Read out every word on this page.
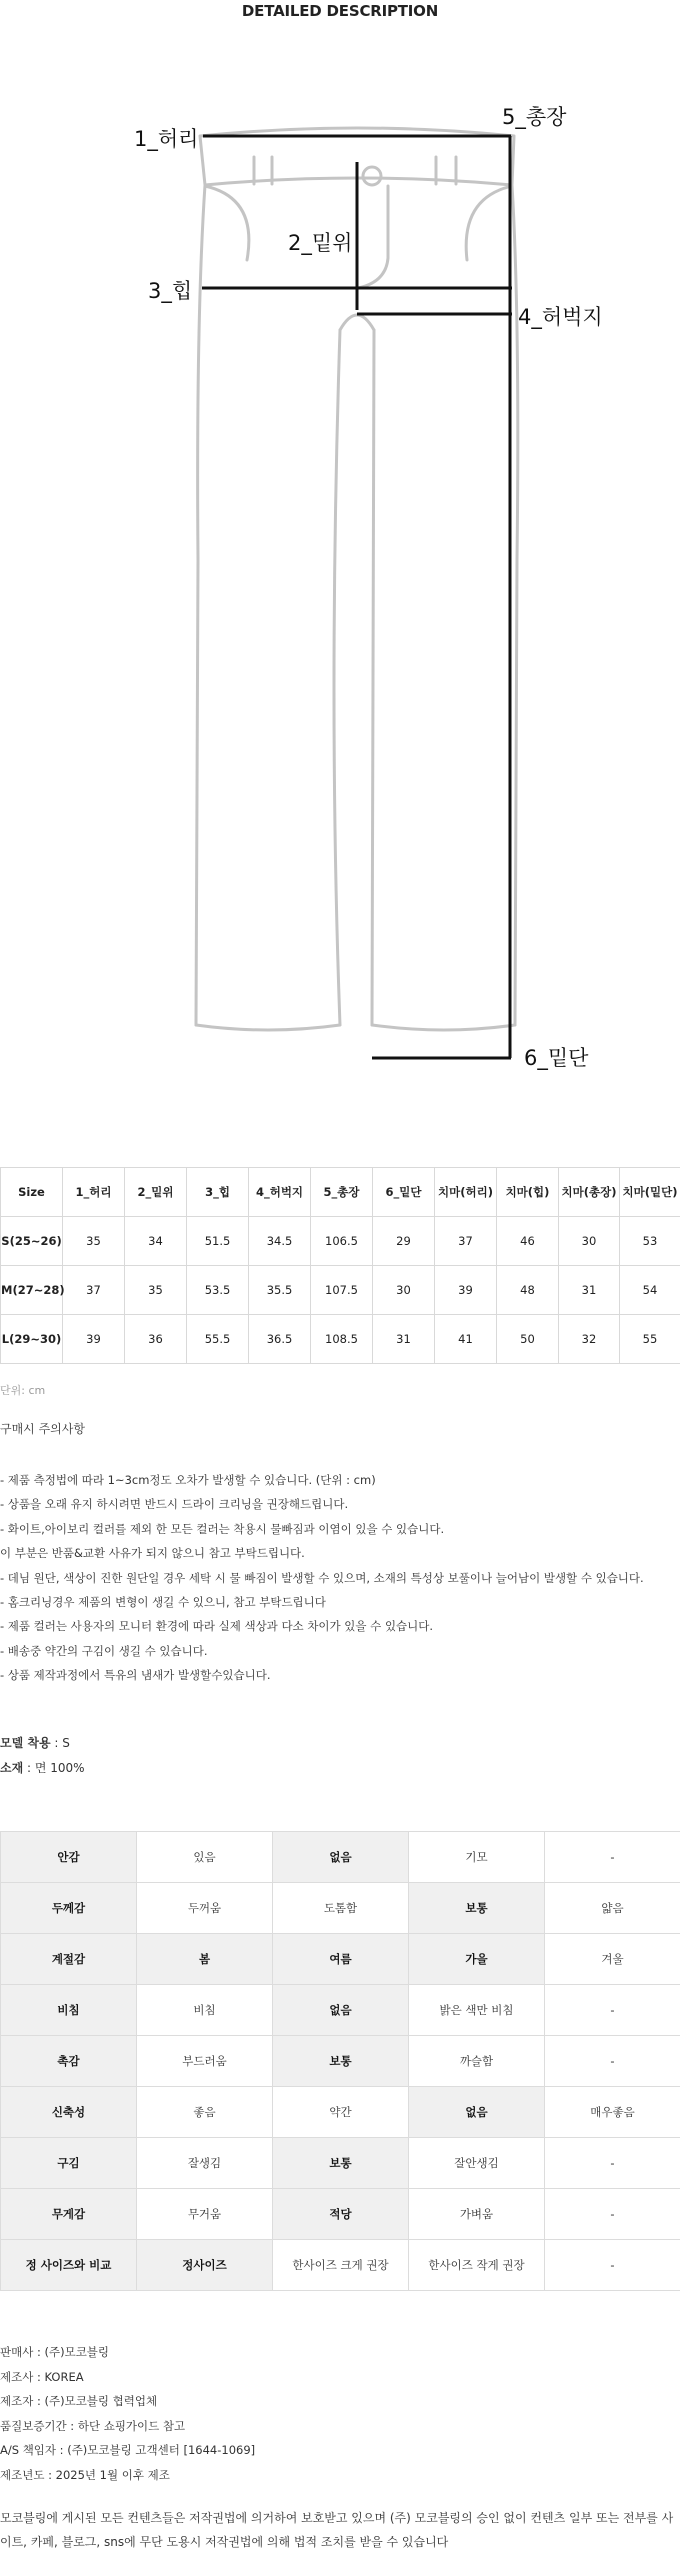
DETAILED DESCRIPTION
1_허리
2_밑위
3_힙
4_허벅지
5_총장
6_밑단
Size	1_허리	2_밑위	3_힙	4_허벅지	5_총장	6_밑단	치마(허리)	치마(힙)	치마(총장)	치마(밑단)
S(25~26)	35	34	51.5	34.5	106.5	29	37	46	30	53
M(27~28)	37	35	53.5	35.5	107.5	30	39	48	31	54
L(29~30)	39	36	55.5	36.5	108.5	31	41	50	32	55
단위: cm
구매시 주의사항
- 제품 측정법에 따라 1~3cm정도 오차가 발생할 수 있습니다. (단위 : cm)
- 상품을 오래 유지 하시려면 반드시 드라이 크리닝을 권장해드립니다.
- 화이트,아이보리 컬러를 제외 한 모든 컬러는 착용시 물빠짐과 이염이 있을 수 있습니다.
이 부분은 반품&교환 사유가 되지 않으니 참고 부탁드립니다.
- 데님 원단, 색상이 진한 원단일 경우 세탁 시 물 빠짐이 발생할 수 있으며, 소재의 특성상 보풀이나 늘어남이 발생할 수 있습니다.
- 홈크리닝경우 제품의 변형이 생길 수 있으니, 참고 부탁드립니다
- 제품 컬러는 사용자의 모니터 환경에 따라 실제 색상과 다소 차이가 있을 수 있습니다.
- 배송중 약간의 구김이 생길 수 있습니다.
- 상품 제작과정에서 특유의 냄새가 발생할수있습니다.
모델 착용 : S
소재 : 면 100%
안감	있음	없음	기모	-
두께감	두꺼움	도톰함	보통	얇음
계절감	봄	여름	가을	겨울
비침	비침	없음	밝은 색만 비침	-
촉감	부드러움	보통	까슬함	-
신축성	좋음	약간	없음	매우좋음
구김	잘생김	보통	잘안생김	-
무게감	무거움	적당	가벼움	-
정 사이즈와 비교	정사이즈	한사이즈 크게 권장	한사이즈 작게 권장	-
판매사 : (주)모코블링
제조사 : KOREA
제조자 : (주)모코블링 협력업체
품질보증기간 : 하단 쇼핑가이드 참고
A/S 책임자 : (주)모코블링 고객센터 [1644-1069]
제조년도 : 2025년 1월 이후 제조
모코블링에 게시된 모든 컨텐츠들은 저작권법에 의거하여 보호받고 있으며 (주) 모코블링의 승인 없이 컨텐츠 일부 또는 전부를 사이트, 카페, 블로그, sns에 무단 도용시 저작권법에 의해 법적 조치를 받을 수 있습니다
